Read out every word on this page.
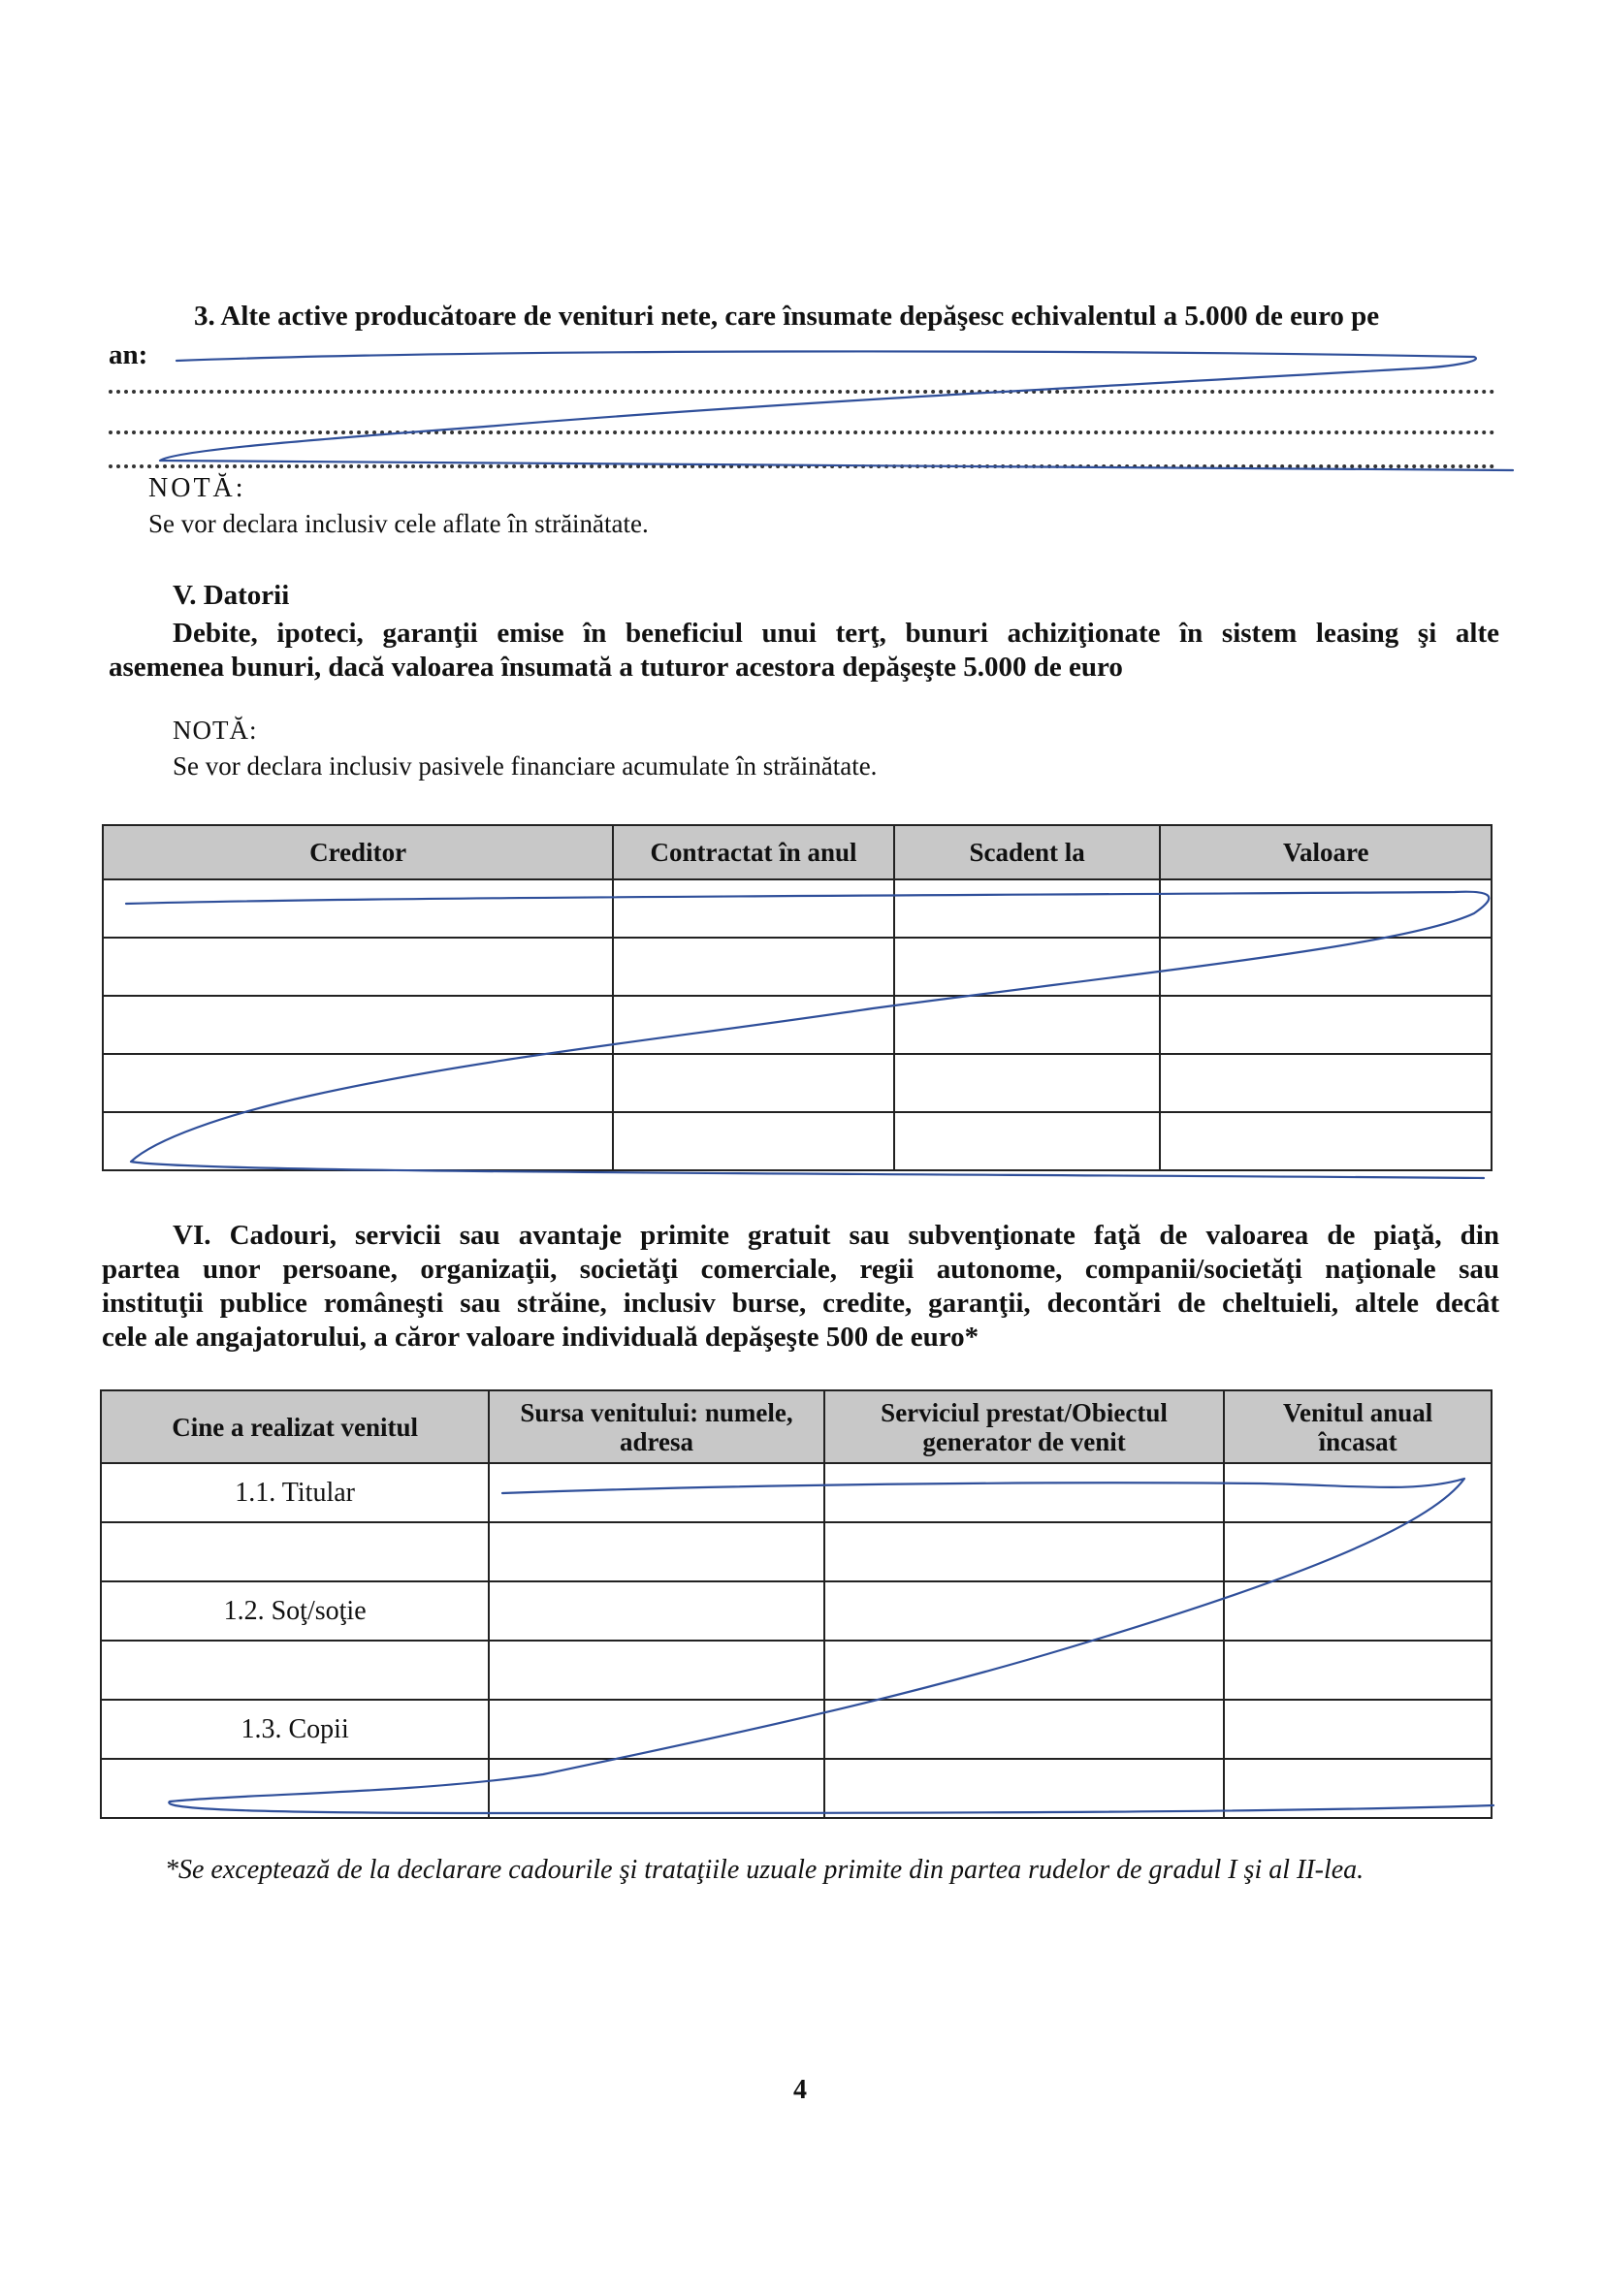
3. Alte active producătoare de venituri nete, care însumate depăşesc echivalentul a 5.000 de euro pe
an:
NOTĂ:
Se vor declara inclusiv cele aflate în străinătate.
V. Datorii
Debite, ipoteci, garanţii emise în beneficiul unui terţ, bunuri achiziţionate în sistem leasing şi alte
asemenea bunuri, dacă valoarea însumată a tuturor acestora depăşeşte 5.000 de euro
NOTĂ:
Se vor declara inclusiv pasivele financiare acumulate în străinătate.
Creditor	Contractat în anul	Scadent la	Valoare

VI. Cadouri, servicii sau avantaje primite gratuit sau subvenţionate faţă de valoarea de piaţă, din
partea unor persoane, organizaţii, societăţi comerciale, regii autonome, companii/societăţi naţionale sau
instituţii publice româneşti sau străine, inclusiv burse, credite, garanţii, decontări de cheltuieli, altele decât
cele ale angajatorului, a căror valoare individuală depăşeşte 500 de euro*
Cine a realizat venitul	Sursa venitului: numele, adresa	Serviciul prestat/Obiectul generator de venit	Venitul anual încasat
1.1. Titular			

1.2. Soţ/soţie			

1.3. Copii			

*Se exceptează de la declarare cadourile şi trataţiile uzuale primite din partea rudelor de gradul I şi al II-lea.
4
